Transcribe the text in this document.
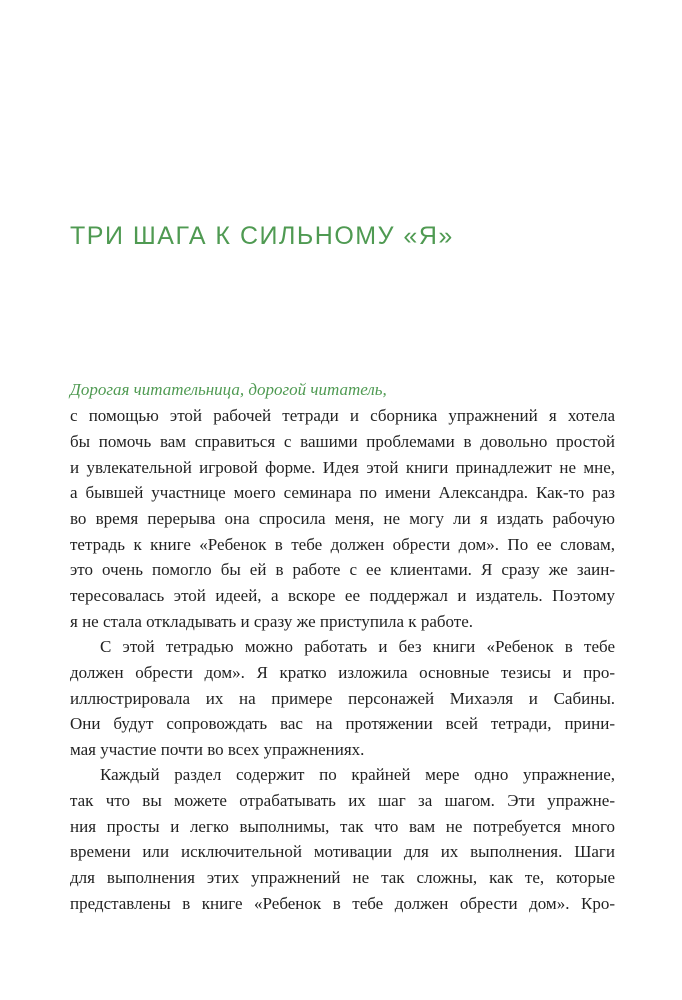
ТРИ ШАГА К СИЛЬНОМУ «Я»

Дорогая читательница, дорогой читатель,

с помощью этой рабочей тетради и сборника упражнений я хотела

бы помочь вам справиться с вашими проблемами в довольно простой

и увлекательной игровой форме. Идея этой книги принадлежит не мне,

а бывшей участнице моего семинара по имени Александра. Как-то раз

во время перерыва она спросила меня, не могу ли я издать рабочую

тетрадь к книге «Ребенок в тебе должен обрести дом». По ее словам,

это очень помогло бы ей в работе с ее клиентами. Я сразу же заин-

тересовалась этой идеей, а вскоре ее поддержал и издатель. Поэтому

я не стала откладывать и сразу же приступила к работе.

С этой тетрадью можно работать и без книги «Ребенок в тебе

должен обрести дом». Я кратко изложила основные тезисы и про-

иллюстрировала их на примере персонажей Михаэля и Сабины.

Они будут сопровождать вас на протяжении всей тетради, прини-

мая участие почти во всех упражнениях.

Каждый раздел содержит по крайней мере одно упражнение,

так что вы можете отрабатывать их шаг за шагом. Эти упражне-

ния просты и легко выполнимы, так что вам не потребуется много

времени или исключительной мотивации для их выполнения. Шаги

для выполнения этих упражнений не так сложны, как те, которые

представлены в книге «Ребенок в тебе должен обрести дом». Кро-
